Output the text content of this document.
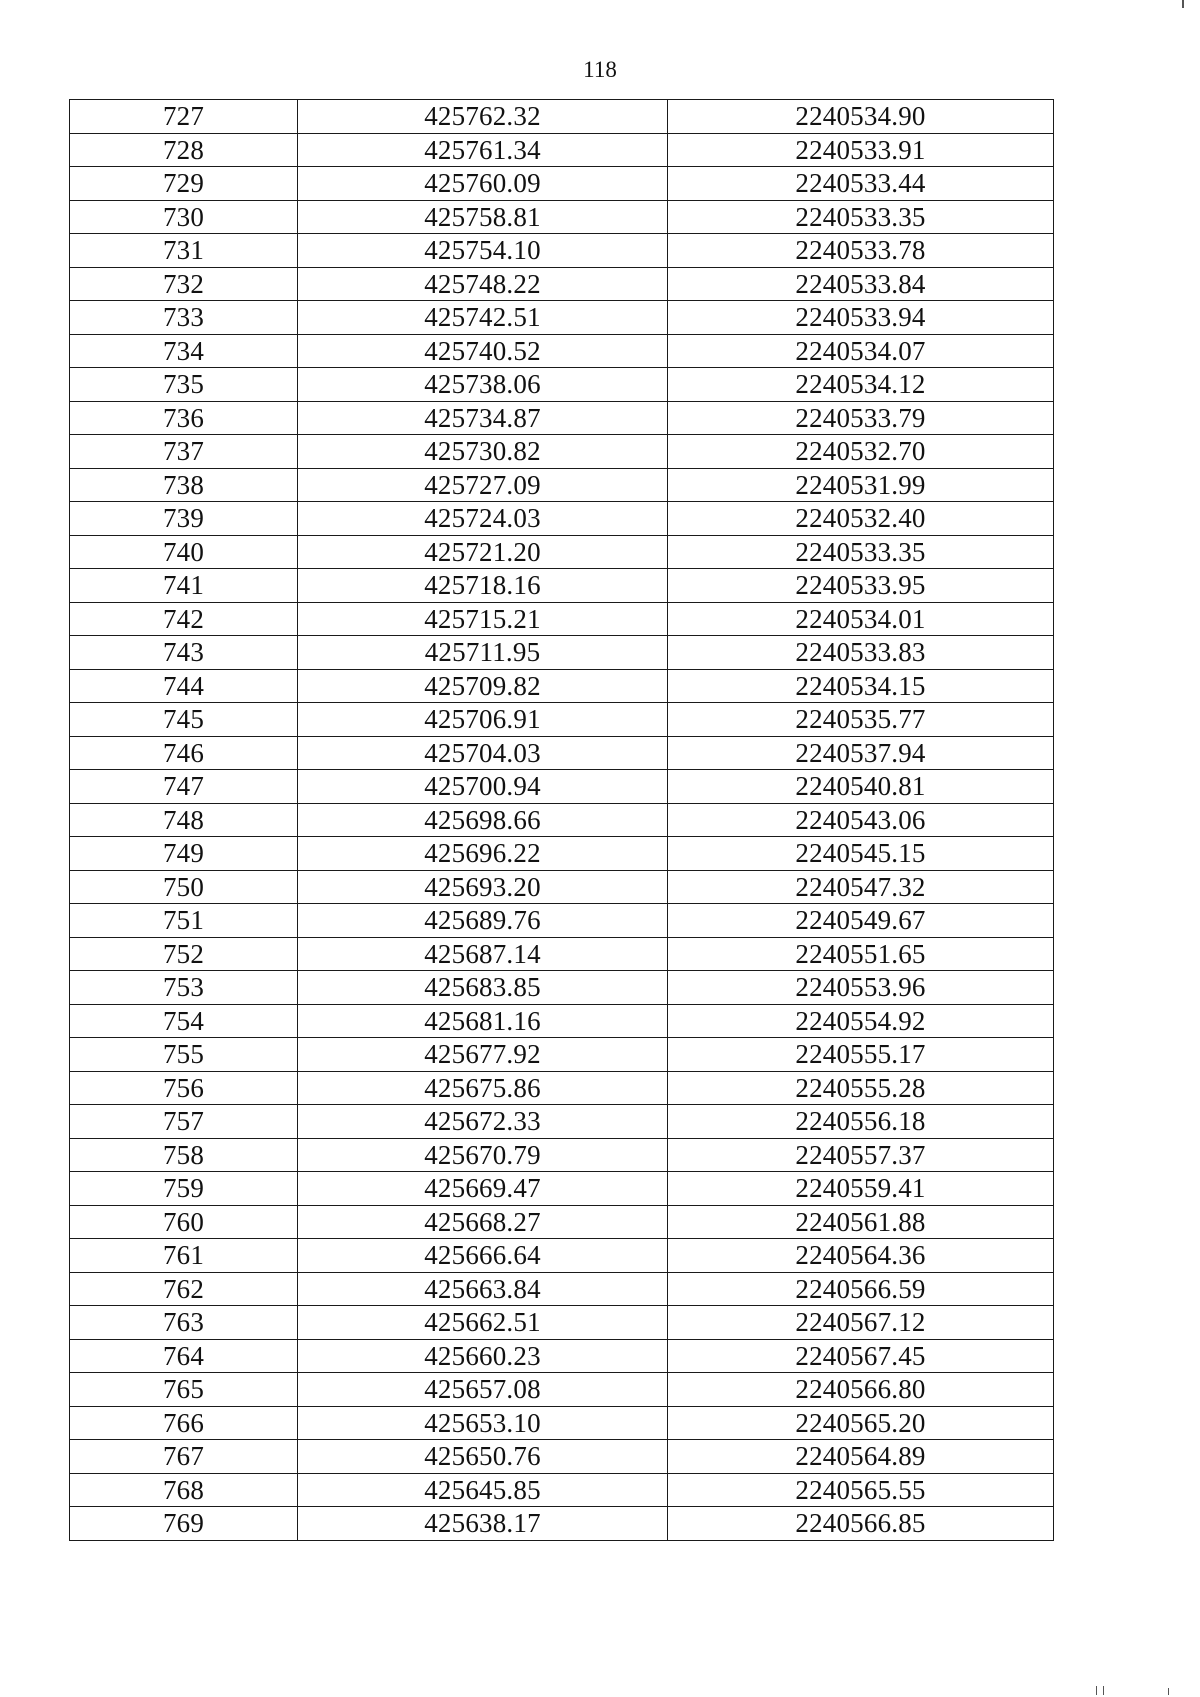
118
727	425762.32	2240534.90
728	425761.34	2240533.91
729	425760.09	2240533.44
730	425758.81	2240533.35
731	425754.10	2240533.78
732	425748.22	2240533.84
733	425742.51	2240533.94
734	425740.52	2240534.07
735	425738.06	2240534.12
736	425734.87	2240533.79
737	425730.82	2240532.70
738	425727.09	2240531.99
739	425724.03	2240532.40
740	425721.20	2240533.35
741	425718.16	2240533.95
742	425715.21	2240534.01
743	425711.95	2240533.83
744	425709.82	2240534.15
745	425706.91	2240535.77
746	425704.03	2240537.94
747	425700.94	2240540.81
748	425698.66	2240543.06
749	425696.22	2240545.15
750	425693.20	2240547.32
751	425689.76	2240549.67
752	425687.14	2240551.65
753	425683.85	2240553.96
754	425681.16	2240554.92
755	425677.92	2240555.17
756	425675.86	2240555.28
757	425672.33	2240556.18
758	425670.79	2240557.37
759	425669.47	2240559.41
760	425668.27	2240561.88
761	425666.64	2240564.36
762	425663.84	2240566.59
763	425662.51	2240567.12
764	425660.23	2240567.45
765	425657.08	2240566.80
766	425653.10	2240565.20
767	425650.76	2240564.89
768	425645.85	2240565.55
769	425638.17	2240566.85
